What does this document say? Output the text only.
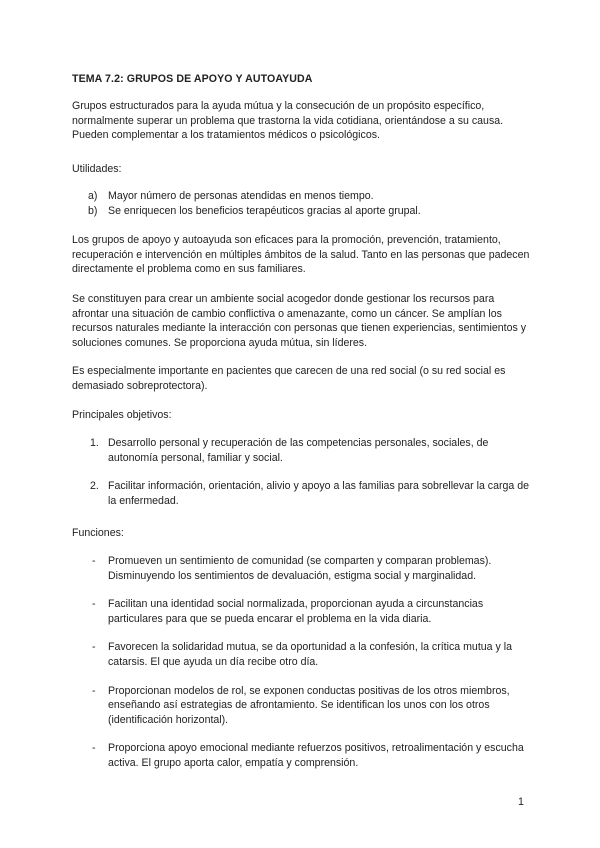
TEMA 7.2: GRUPOS DE APOYO Y AUTOAYUDA

Grupos estructurados para la ayuda mútua y la consecución de un propósito específico, normalmente superar un problema que trastorna la vida cotidiana, orientándose a su causa. Pueden complementar a los tratamientos médicos o psicológicos.

Utilidades:

a) Mayor número de personas atendidas en menos tiempo.
b) Se enriquecen los beneficios terapéuticos gracias al aporte grupal.

Los grupos de apoyo y autoayuda son eficaces para la promoción, prevención, tratamiento, recuperación e intervención en múltiples ámbitos de la salud. Tanto en las personas que padecen directamente el problema como en sus familiares.

Se constituyen para crear un ambiente social acogedor donde gestionar los recursos para afrontar una situación de cambio conflictiva o amenazante, como un cáncer. Se amplían los recursos naturales mediante la interacción con personas que tienen experiencias, sentimientos y soluciones comunes. Se proporciona ayuda mútua, sin líderes.

Es especialmente importante en pacientes que carecen de una red social (o su red social es demasiado sobreprotectora).

Principales objetivos:

1. Desarrollo personal y recuperación de las competencias personales, sociales, de autonomía personal, familiar y social.
2. Facilitar información, orientación, alivio y apoyo a las familias para sobrellevar la carga de la enfermedad.

Funciones:

- Promueven un sentimiento de comunidad (se comparten y comparan problemas). Disminuyendo los sentimientos de devaluación, estigma social y marginalidad.
- Facilitan una identidad social normalizada, proporcionan ayuda a circunstancias particulares para que se pueda encarar el problema en la vida diaria.
- Favorecen la solidaridad mutua, se da oportunidad a la confesión, la crítica mutua y la catarsis. El que ayuda un día recibe otro día.
- Proporcionan modelos de rol, se exponen conductas positivas de los otros miembros, enseñando así estrategias de afrontamiento. Se identifican los unos con los otros (identificación horizontal).
- Proporciona apoyo emocional mediante refuerzos positivos, retroalimentación y escucha activa. El grupo aporta calor, empatía y comprensión.
1
